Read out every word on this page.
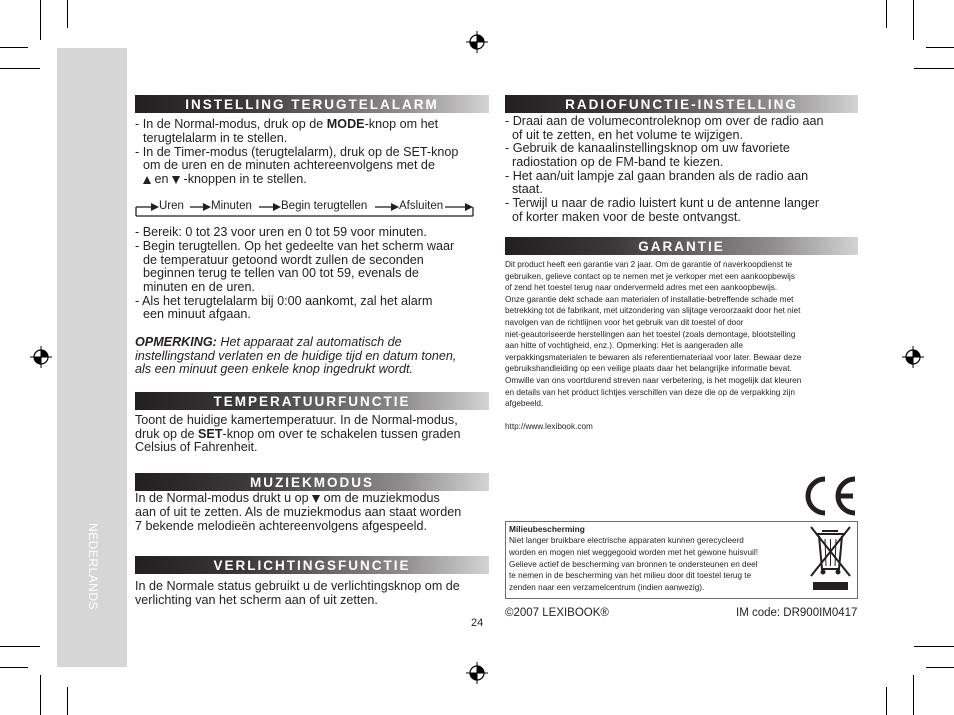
NEDERLANDS
INSTELLING TERUGTELALARM
- In de Normal-modus, druk op de MODE-knop om het
terugtelalarm in te stellen.
- In de Timer-modus (terugtelalarm), druk op de SET-knop
om de uren en de minuten achtereenvolgens met de
en  -knoppen in te stellen.
Uren Minuten	Begin terugtellen	Afsluiten
- Bereik: 0 tot 23 voor uren en 0 tot 59 voor minuten.
- Begin terugtellen. Op het gedeelte van het scherm waar
de temperatuur getoond wordt zullen de seconden
beginnen terug te tellen van 00 tot 59, evenals de
minuten en de uren.
- Als het terugtelalarm bij 0:00 aankomt, zal het alarm
een minuut afgaan.
OPMERKING: Het apparaat zal automatisch de
instellingstand verlaten en de huidige tijd en datum tonen,
als een minuut geen enkele knop ingedrukt wordt.
TEMPERATUURFUNCTIE
Toont de huidige kamertemperatuur. In de Normal-modus,
druk op de SET-knop om over te schakelen tussen graden
Celsius of Fahrenheit.
MUZIEKMODUS
In de Normal-modus drukt u op  om de muziekmodus
aan of uit te zetten. Als de muziekmodus aan staat worden
7 bekende melodieën achtereenvolgens afgespeeld.
VERLICHTINGSFUNCTIE
In de Normale status gebruikt u de verlichtingsknop om de
verlichting van het scherm aan of uit zetten.
24
RADIOFUNCTIE-INSTELLING
- Draai aan de volumecontroleknop om over de radio aan
of uit te zetten, en het volume te wijzigen.
- Gebruik de kanaalinstellingsknop om uw favoriete
radiostation op de FM-band te kiezen.
- Het aan/uit lampje zal gaan branden als de radio aan
staat.
- Terwijl u naar de radio luistert kunt u de antenne langer
of korter maken voor de beste ontvangst.
GARANTIE
Dit product heeft een garantie van 2 jaar. Om de garantie of naverkoopdienst te
gebruiken, gelieve contact op te nemen met je verkoper met een aankoopbewijs
of zend het toestel terug naar ondervermeld adres met een aankoopbewijs.
Onze garantie dekt schade aan materialen of installatie-betreffende schade met
betrekking tot de fabrikant, met uitzondering van slijtage veroorzaakt door het niet
navolgen van de richtlijnen voor het gebruik van dit toestel of door
niet-geautoriseerde herstellingen aan het toestel (zoals demontage, blootstelling
aan hitte of vochtigheid, enz.). Opmerking: Het is aangeraden alle
verpakkingsmaterialen te bewaren als referentiemateriaal voor later. Bewaar deze
gebruikshandleiding op een veilige plaats daar het belangrijke informatie bevat.
Omwille van ons voortdurend streven naar verbetering, is het mogelijk dat kleuren
en details van het product lichtjes verschillen van deze die op de verpakking zijn
afgebeeld.
http://www.lexibook.com
Milieubescherming
Niet langer bruikbare electrische apparaten kunnen gerecycleerd
worden en mogen niet weggegooid worden met het gewone huisvuil!
Gelieve actief de bescherming van bronnen te ondersteunen en deel
te nemen in de bescherming van het milieu door dit toestel terug te
zenden naar een verzamelcentrum (indien aanwezig).
©2007 LEXIBOOK®	IM code: DR900IM0417
